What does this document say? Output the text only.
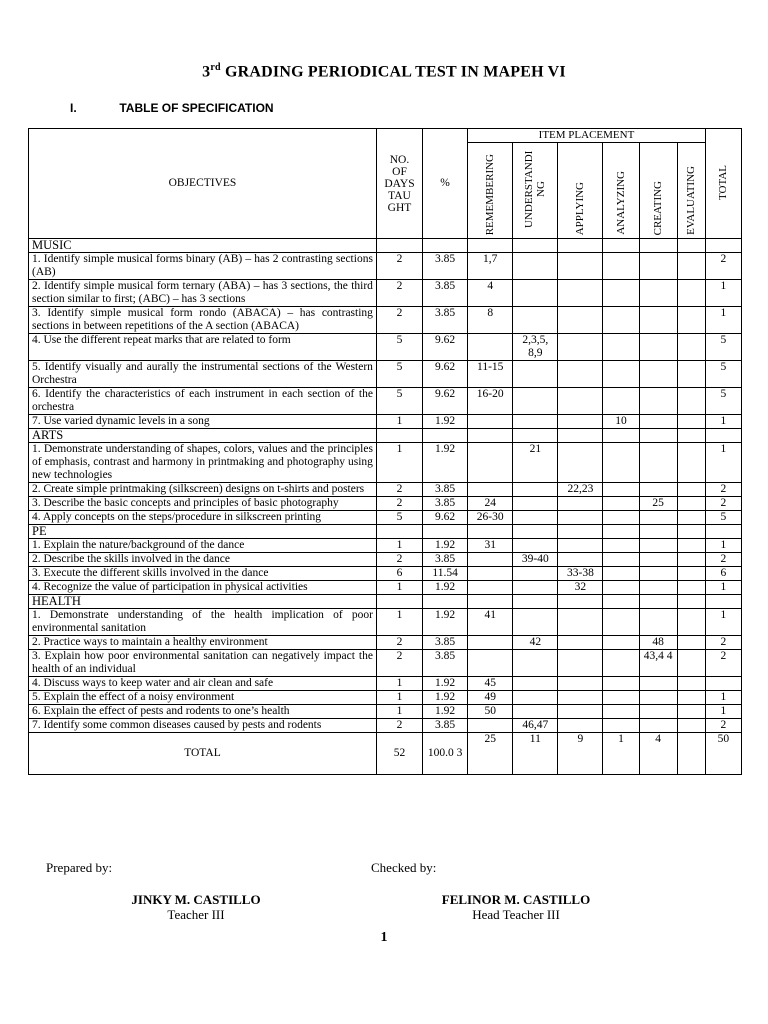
3rd GRADING PERIODICAL TEST IN MAPEH VI
I.	TABLE OF SPECIFICATION
OBJECTIVES	NO.
OF
DAYS
TAU
GHT	%	ITEM PLACEMENT						TOTAL

			REMEMBERING	UNDERSTANDI NG	APPLYING	ANALYZING	CREATING	EVALUATING	

MUSIC									
1. Identify simple musical forms binary (AB) – has 2 contrasting sections (AB)	2	3.85	1,7						2
2. Identify simple musical form ternary (ABA) – has 3 sections, the third section similar to first; (ABC) – has 3 sections	2	3.85	4						1
3. Identify simple musical form rondo (ABACA) – has contrasting sections in between repetitions of the A section (ABACA)	2	3.85	8						1
4. Use the different repeat marks that are related to form	5	9.62		2,3,5, 8,9					5
5. Identify visually and aurally the instrumental sections of the Western Orchestra	5	9.62	11-15						5
6. Identify the characteristics of each instrument in each section of the orchestra	5	9.62	16-20						5
7. Use varied dynamic levels in a song	1	1.92				10			1
ARTS									
1. Demonstrate understanding of shapes, colors, values and the principles of emphasis, contrast and harmony in printmaking and photography using new technologies	1	1.92		21					1
2. Create simple printmaking (silkscreen) designs on t-shirts and posters	2	3.85			22,23				2
3. Describe the basic concepts and principles of basic photography	2	3.85	24				25		2
4. Apply concepts on the steps/procedure in silkscreen printing	5	9.62	26-30						5
PE									
1. Explain the nature/background of the dance	1	1.92	31						1
2. Describe the skills involved in the dance	2	3.85		39-40					2
3. Execute the different skills involved in the dance	6	11.54			33-38				6
4. Recognize the value of participation in physical activities	1	1.92			32				1
HEALTH									
1. Demonstrate understanding of the health implication of poor environmental sanitation	1	1.92	41						1
2. Practice ways to maintain a healthy environment	2	3.85		42			48		2
3. Explain how poor environmental sanitation can negatively impact the health of an individual	2	3.85					43,4 4		2
4. Discuss ways to keep water and air clean and safe	1	1.92	45						
5. Explain the effect of a noisy environment	1	1.92	49						1
6. Explain the effect of pests and rodents to one’s health	1	1.92	50						1
7. Identify some common diseases caused by pests and rodents	2	3.85		46,47					2
TOTAL	52	100.0 3	25	11	9	1	4		50
Prepared by:	Checked by:
JINKY M. CASTILLO
Teacher III
FELINOR M. CASTILLO
Head Teacher III
1
